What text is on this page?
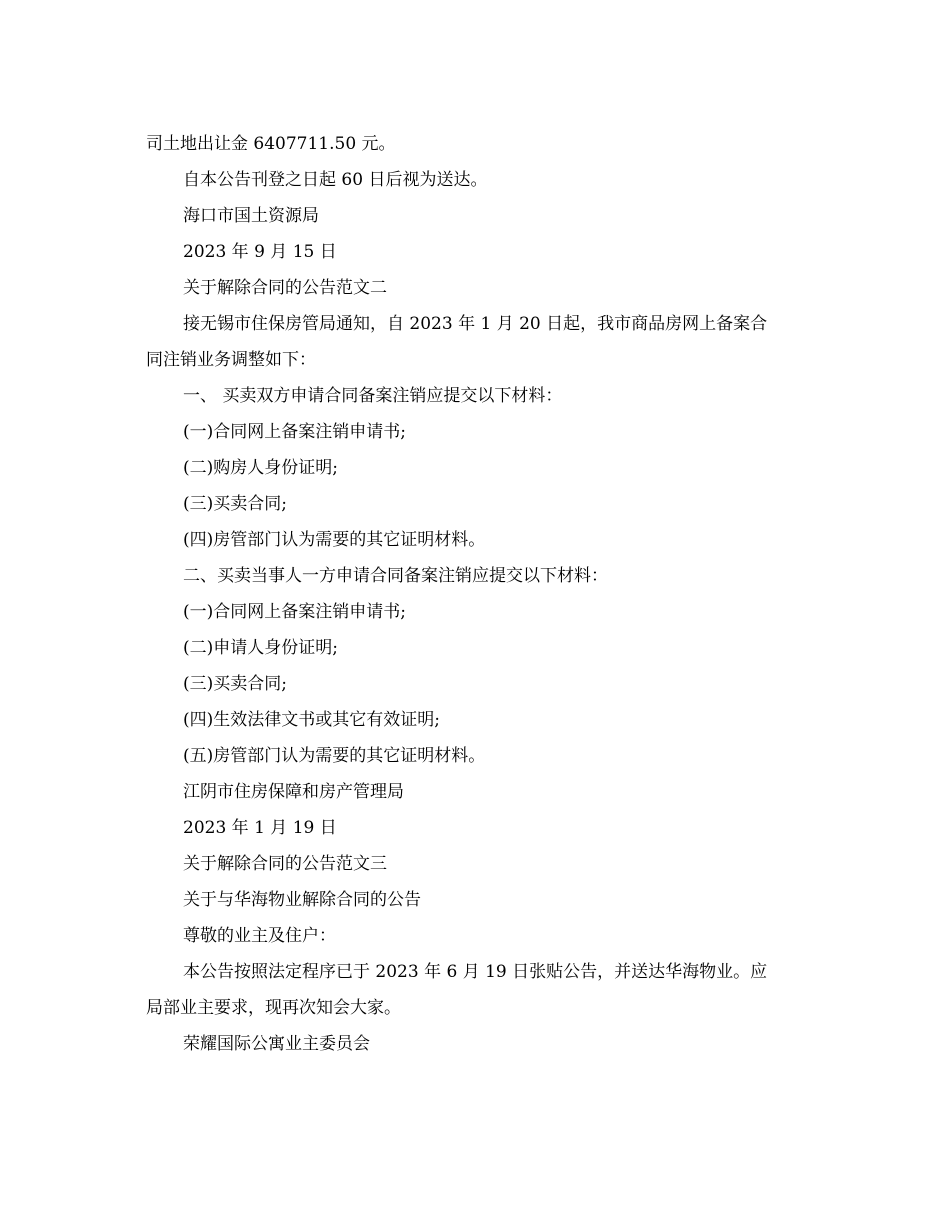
司土地出让金 6407711.50 元。
自本公告刊登之日起 60 日后视为送达。
海口市国土资源局
2023 年 9 月 15 日
关于解除合同的公告范文二
接无锡市住保房管局通知，自 2023 年 1 月 20 日起，我市商品房网上备案合
同注销业务调整如下：
一、 买卖双方申请合同备案注销应提交以下材料：
(一)合同网上备案注销申请书;
(二)购房人身份证明;
(三)买卖合同;
(四)房管部门认为需要的其它证明材料。
二、买卖当事人一方申请合同备案注销应提交以下材料：
(一)合同网上备案注销申请书;
(二)申请人身份证明;
(三)买卖合同;
(四)生效法律文书或其它有效证明;
(五)房管部门认为需要的其它证明材料。
江阴市住房保障和房产管理局
2023 年 1 月 19 日
关于解除合同的公告范文三
关于与华海物业解除合同的公告
尊敬的业主及住户：
本公告按照法定程序已于 2023 年 6 月 19 日张贴公告，并送达华海物业。应
局部业主要求，现再次知会大家。
荣耀国际公寓业主委员会
